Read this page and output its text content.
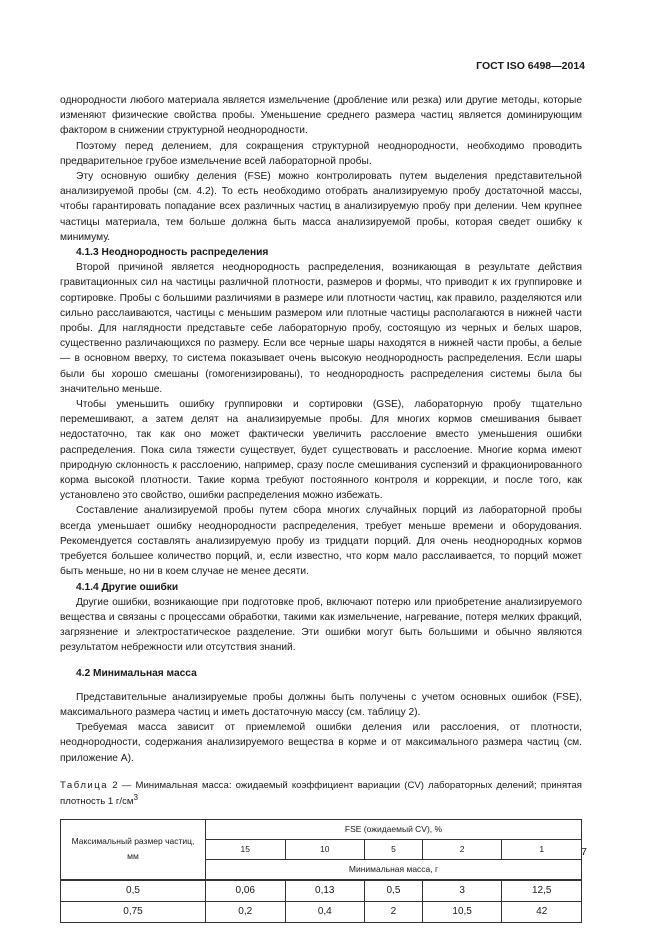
ГОСТ ISO 6498—2014

однородности любого материала является измельчение (дробление или резка) или другие методы, которые изменяют физические свойства пробы. Уменьшение среднего размера частиц является доминирующим фактором в снижении структурной неоднородности.

Поэтому перед делением, для сокращения структурной неоднородности, необходимо проводить предварительное грубое измельчение всей лабораторной пробы.

Эту основную ошибку деления (FSE) можно контролировать путем выделения представительной анализируемой пробы (см. 4.2). То есть необходимо отобрать анализируемую пробу достаточной массы, чтобы гарантировать попадание всех различных частиц в анализируемую пробу при делении. Чем крупнее частицы материала, тем больше должна быть масса анализируемой пробы, которая сведет ошибку к минимуму.

4.1.3 Неоднородность распределения

Второй причиной является неоднородность распределения, возникающая в результате действия гравитационных сил на частицы различной плотности, размеров и формы, что приводит к их группировке и сортировке. Пробы с большими различиями в размере или плотности частиц, как правило, разделяются или сильно расслаиваются, частицы с меньшим размером или плотные частицы располагаются в нижней части пробы. Для наглядности представьте себе лабораторную пробу, состоящую из черных и белых шаров, существенно различающихся по размеру. Если все черные шары находятся в нижней части пробы, а белые — в основном вверху, то система показывает очень высокую неоднородность распределения. Если шары были бы хорошо смешаны (гомогенизированы), то неоднородность распределения системы была бы значительно меньше.

Чтобы уменьшить ошибку группировки и сортировки (GSE), лабораторную пробу тщательно перемешивают, а затем делят на анализируемые пробы. Для многих кормов смешивания бывает недостаточно, так как оно может фактически увеличить расслоение вместо уменьшения ошибки распределения. Пока сила тяжести существует, будет существовать и расслоение. Многие корма имеют природную склонность к расслоению, например, сразу после смешивания суспензий и фракционированного корма высокой плотности. Такие корма требуют постоянного контроля и коррекции, и после того, как установлено это свойство, ошибки распределения можно избежать.

Составление анализируемой пробы путем сбора многих случайных порций из лабораторной пробы всегда уменьшает ошибку неоднородности распределения, требует меньше времени и оборудования. Рекомендуется составлять анализируемую пробу из тридцати порций. Для очень неоднородных кормов требуется большее количество порций, и, если известно, что корм мало расслаивается, то порций может быть меньше, но ни в коем случае не менее десяти.

4.1.4 Другие ошибки

Другие ошибки, возникающие при подготовке проб, включают потерю или приобретение анализируемого вещества и связаны с процессами обработки, такими как измельчение, нагревание, потеря мелких фракций, загрязнение и электростатическое разделение. Эти ошибки могут быть большими и обычно являются результатом небрежности или отсутствия знаний.

4.2 Минимальная масса

Представительные анализируемые пробы должны быть получены с учетом основных ошибок (FSE), максимального размера частиц и иметь достаточную массу (см. таблицу 2).

Требуемая масса зависит от приемлемой ошибки деления или расслоения, от плотности, неоднородности, содержания анализируемого вещества в корме и от максимального размера частиц (см. приложение А).

Таблица 2 — Минимальная масса: ожидаемый коэффициент вариации (CV) лабораторных делений; принятая плотность 1 $г/см^3$
Максимальный размер частиц, мм	FSE (ожидаемый CV), %				
	15	10	5	2	1
	Минимальная масса, г				
0,5	0,06	0,13	0,5	3	12,5
0,75	0,2	0,4	2	10,5	42
7
